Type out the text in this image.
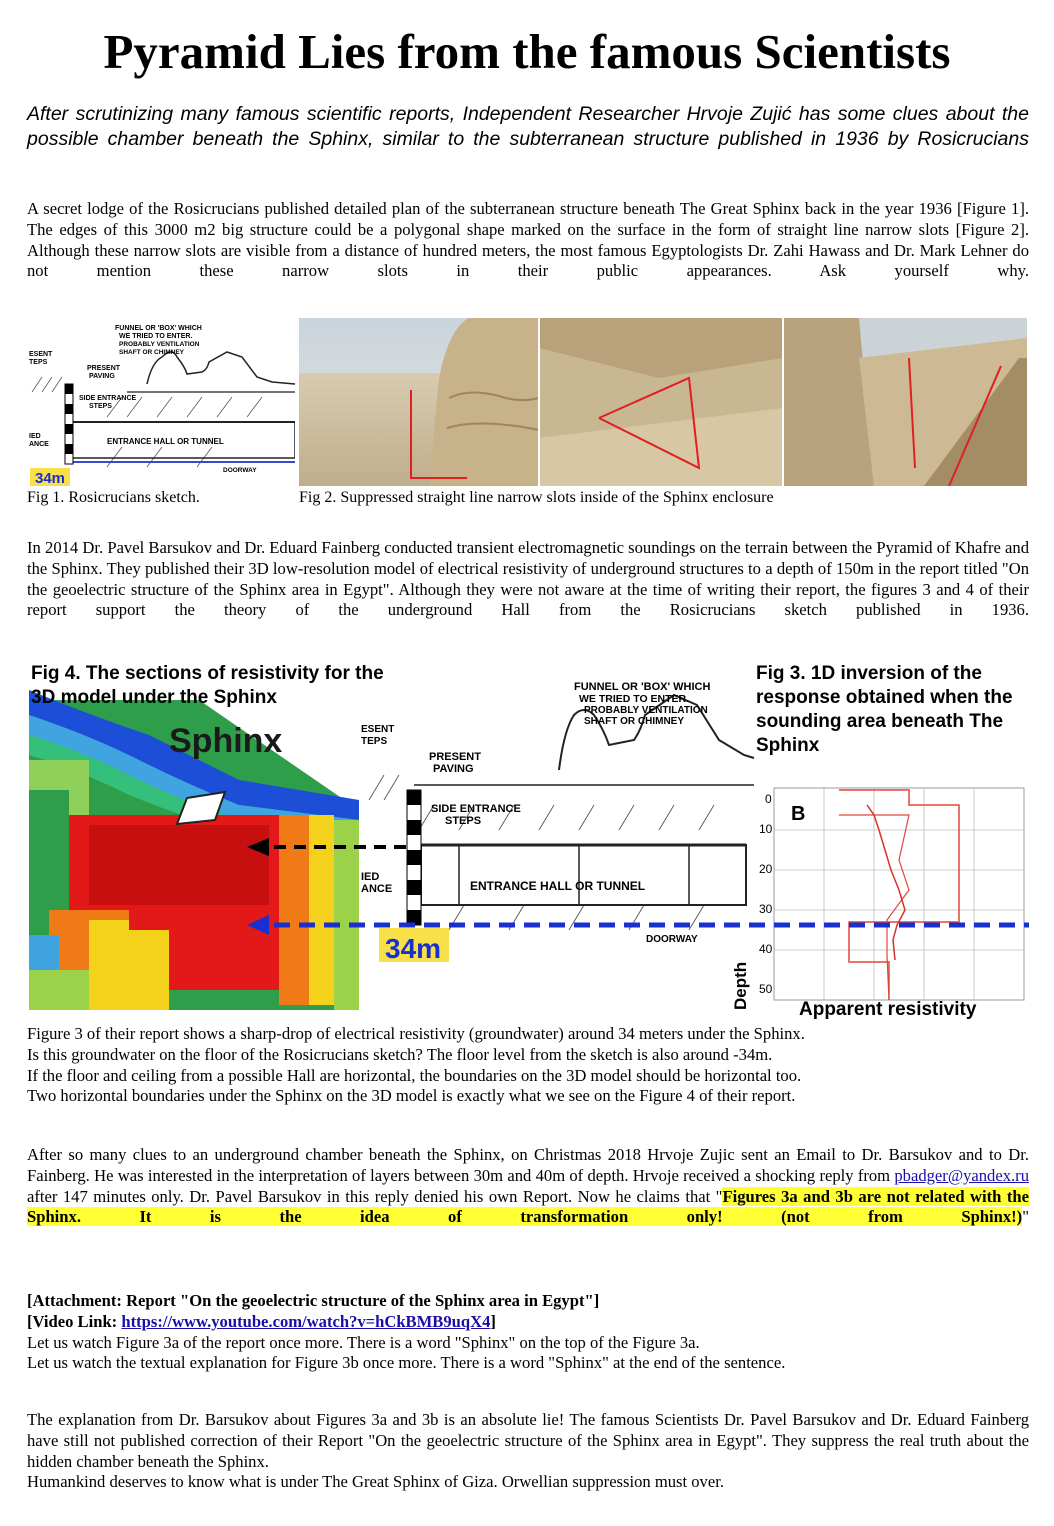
Pyramid Lies from the famous Scientists

After scrutinizing many famous scientific reports, Independent Researcher Hrvoje Zujić has some clues about the possible chamber beneath the Sphinx, similar to the subterranean structure published in 1936 by Rosicrucians

A secret lodge of the Rosicrucians published detailed plan of the subterranean structure beneath The Great Sphinx back in the year 1936 [Figure 1]. The edges of this 3000 m2 big structure could be a polygonal shape marked on the surface in the form of straight line narrow slots [Figure 2]. Although these narrow slots are visible from a distance of hundred meters, the most famous Egyptologists Dr. Zahi Hawass and Dr. Mark Lehner do not mention these narrow slots in their public appearances. Ask yourself why.

FUNNEL OR 'BOX' WHICH
WE TRIED TO ENTER.
PROBABLY VENTILATION
SHAFT OR CHIMNEY
ESENT
TEPS
PRESENT
PAVING
SIDE ENTRANCE
STEPS
IED
ANCE	ENTRANCE HALL OR TUNNEL
DOORWAY
34m
Fig 1. Rosicrucians sketch.	Fig 2. Suppressed straight line narrow slots inside of the Sphinx enclosure

In 2014 Dr. Pavel Barsukov and Dr. Eduard Fainberg conducted transient electromagnetic soundings on the terrain between the Pyramid of Khafre and the Sphinx. They published their 3D low-resolution model of electrical resistivity of underground structures to a depth of 150m in the report titled "On the geoelectric structure of the Sphinx area in Egypt". Although they were not aware at the time of writing their report, the figures 3 and 4 of their report support the theory of the underground Hall from the Rosicrucians sketch published in 1936.

Sphinx
FUNNEL OR 'BOX' WHICH
WE TRIED TO ENTER.
PROBABLY VENTILATION
SHAFT OR CHIMNEY
ESENT
TEPS
PRESENT
PAVING
SIDE ENTRANCE
STEPS
IED
ANCE	ENTRANCE HALL OR TUNNEL
DOORWAY
34m
B
0
10
20
30
40
50
Depth	Apparent resistivity
Fig 4. The sections of resistivity for the 3D model under the Sphinx
Fig 3. 1D inversion of the response obtained when the sounding area beneath The Sphinx
Figure 3 of their report shows a sharp-drop of electrical resistivity (groundwater) around 34 meters under the Sphinx.
Is this groundwater on the floor of the Rosicrucians sketch? The floor level from the sketch is also around -34m.
If the floor and ceiling from a possible Hall are horizontal, the boundaries on the 3D model should be horizontal too.
Two horizontal boundaries under the Sphinx on the 3D model is exactly what we see on the Figure 4 of their report.

After so many clues to an underground chamber beneath the Sphinx, on Christmas 2018 Hrvoje Zujic sent an Email to Dr. Barsukov and to Dr. Fainberg. He was interested in the interpretation of layers between 30m and 40m of depth. Hrvoje received a shocking reply from pbadger@yandex.ru after 147 minutes only. Dr. Pavel Barsukov in this reply denied his own Report. Now he claims that "Figures 3a and 3b are not related with the Sphinx. It is the idea of transformation only! (not from Sphinx!)"

[Attachment: Report "On the geoelectric structure of the Sphinx area in Egypt"]
[Video Link: https://www.youtube.com/watch?v=hCkBMB9uqX4]
Let us watch Figure 3a of the report once more. There is a word "Sphinx" on the top of the Figure 3a.
Let us watch the textual explanation for Figure 3b once more. There is a word "Sphinx" at the end of the sentence.

The explanation from Dr. Barsukov about Figures 3a and 3b is an absolute lie! The famous Scientists Dr. Pavel Barsukov and Dr. Eduard Fainberg have still not published correction of their Report "On the geoelectric structure of the Sphinx area in Egypt". They suppress the real truth about the hidden chamber beneath the Sphinx.

Humankind deserves to know what is under The Great Sphinx of Giza. Orwellian suppression must over.
